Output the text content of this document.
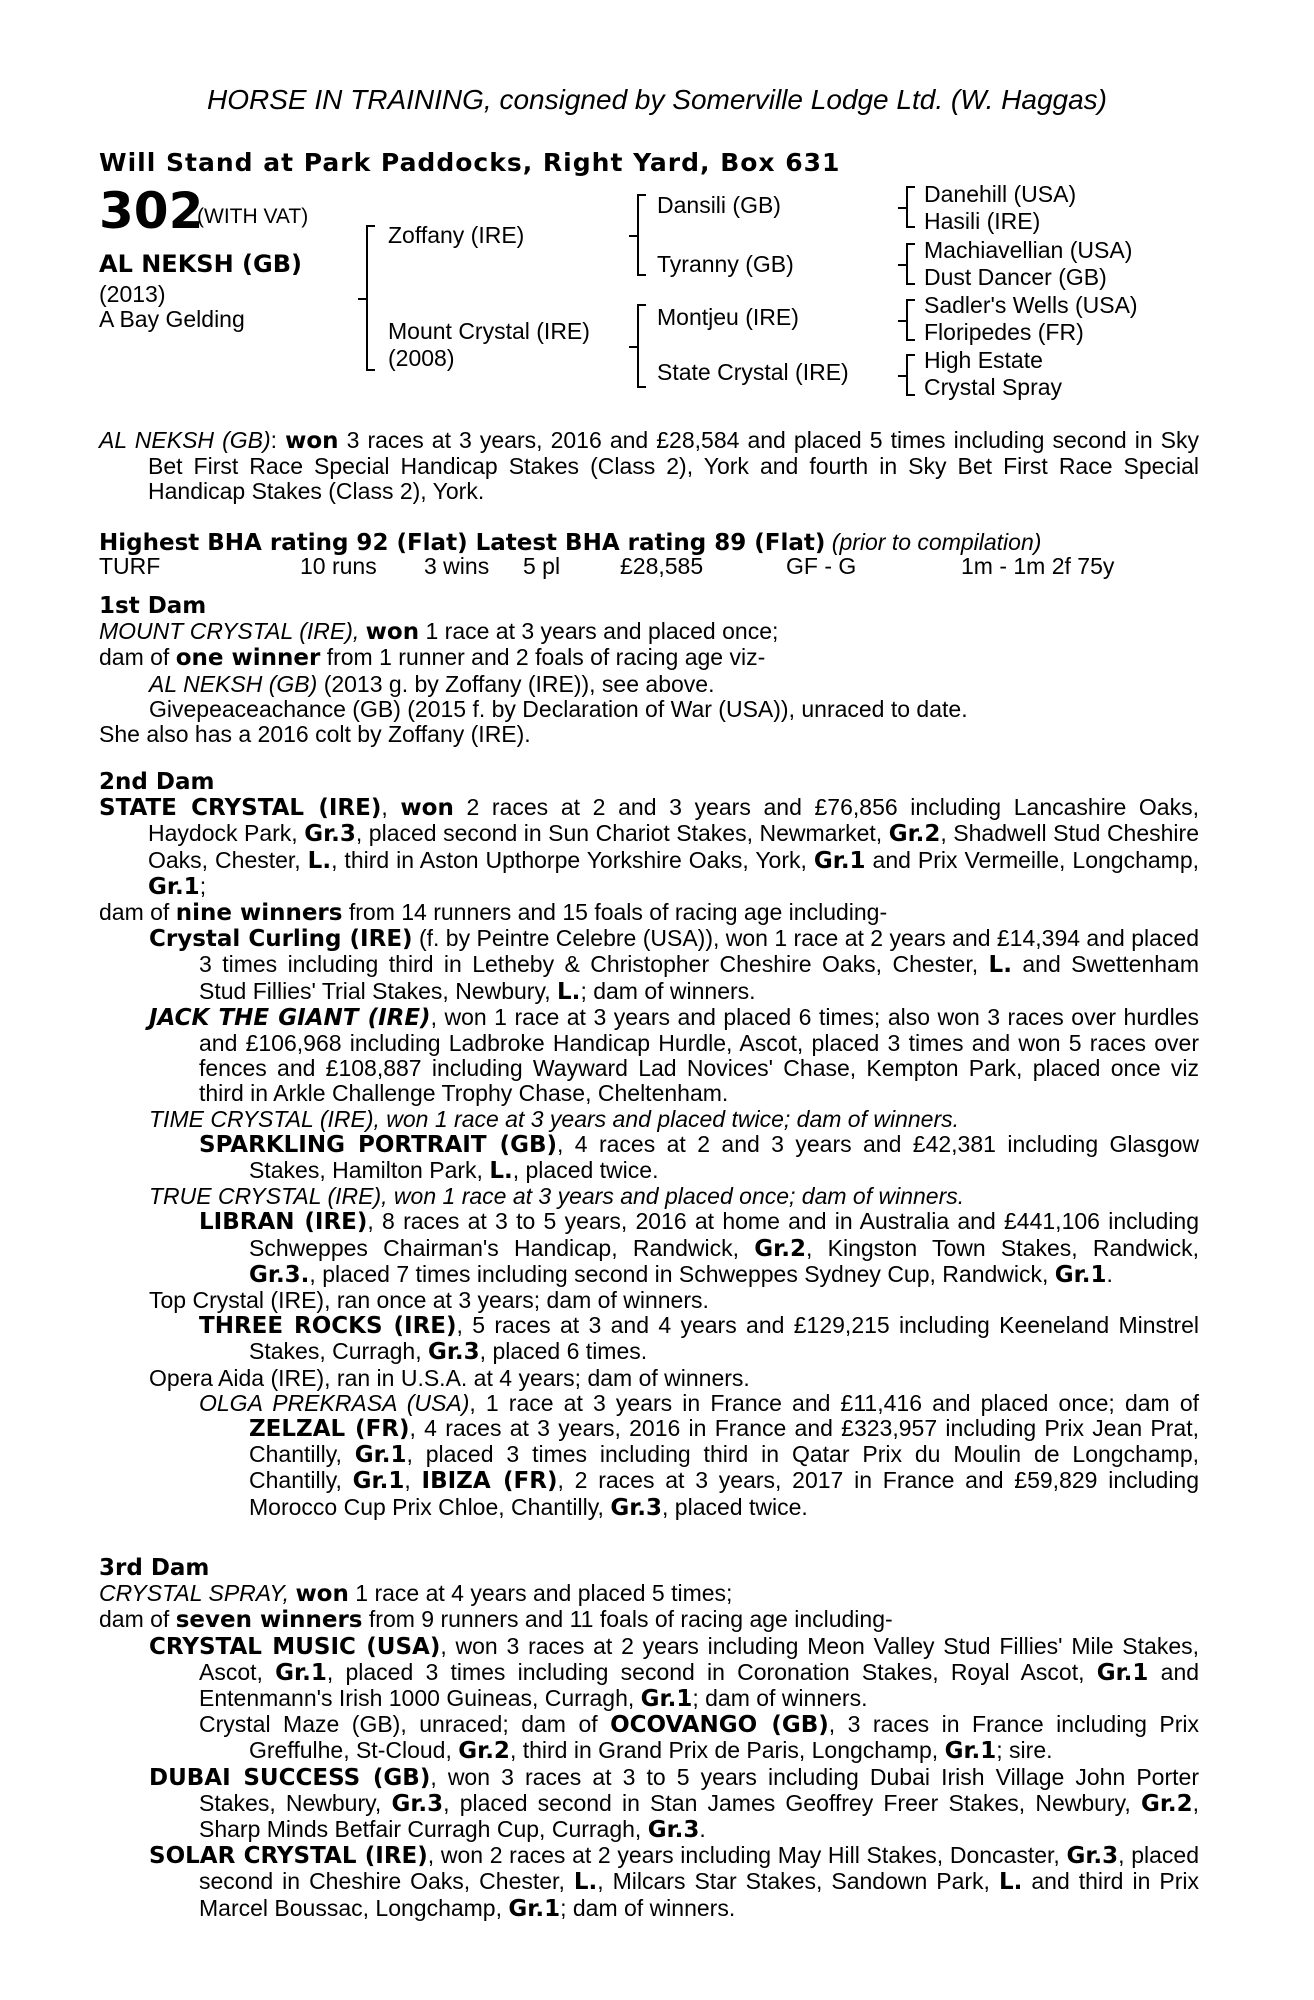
HORSE IN TRAINING, consigned by Somerville Lodge Ltd. (W. Haggas)
Will Stand at Park Paddocks, Right Yard, Box 631
302
(WITH VAT)
AL NEKSH (GB)
(2013)
A Bay Gelding
Zoffany (IRE)
Mount Crystal (IRE)
(2008)
Dansili (GB)
Tyranny (GB)
Montjeu (IRE)
State Crystal (IRE)
Danehill (USA)
Hasili (IRE)
Machiavellian (USA)
Dust Dancer (GB)
Sadler's Wells (USA)
Floripedes (FR)
High Estate
Crystal Spray

AL NEKSH (GB): won 3 races at 3 years, 2016 and £28,584 and placed 5 times including second in Sky Bet First Race Special Handicap Stakes (Class 2), York and fourth in Sky Bet First Race Special Handicap Stakes (Class 2), York.

Highest BHA rating 92 (Flat) Latest BHA rating 89 (Flat) (prior to compilation)

TURF	10 runs 3 wins 5 pl	£28,585	GF - G	1m - 1m 2f 75y

1st Dam

MOUNT CRYSTAL (IRE), won 1 race at 3 years and placed once;

dam of one winner from 1 runner and 2 foals of racing age viz-

AL NEKSH (GB) (2013 g. by Zoffany (IRE)), see above.

Givepeaceachance (GB) (2015 f. by Declaration of War (USA)), unraced to date.

She also has a 2016 colt by Zoffany (IRE).

2nd Dam

STATE CRYSTAL (IRE), won 2 races at 2 and 3 years and £76,856 including Lancashire Oaks, Haydock Park, Gr.3, placed second in Sun Chariot Stakes, Newmarket, Gr.2, Shadwell Stud Cheshire Oaks, Chester, L., third in Aston Upthorpe Yorkshire Oaks, York, Gr.1 and Prix Vermeille, Longchamp, Gr.1;

dam of nine winners from 14 runners and 15 foals of racing age including-

Crystal Curling (IRE) (f. by Peintre Celebre (USA)), won 1 race at 2 years and £14,394 and placed 3 times including third in Letheby & Christopher Cheshire Oaks, Chester, L. and Swettenham Stud Fillies' Trial Stakes, Newbury, L.; dam of winners.

JACK THE GIANT (IRE), won 1 race at 3 years and placed 6 times; also won 3 races over hurdles and £106,968 including Ladbroke Handicap Hurdle, Ascot, placed 3 times and won 5 races over fences and £108,887 including Wayward Lad Novices' Chase, Kempton Park, placed once viz third in Arkle Challenge Trophy Chase, Cheltenham.

TIME CRYSTAL (IRE), won 1 race at 3 years and placed twice; dam of winners.

SPARKLING PORTRAIT (GB), 4 races at 2 and 3 years and £42,381 including Glasgow Stakes, Hamilton Park, L., placed twice.

TRUE CRYSTAL (IRE), won 1 race at 3 years and placed once; dam of winners.

LIBRAN (IRE), 8 races at 3 to 5 years, 2016 at home and in Australia and £441,106 including Schweppes Chairman's Handicap, Randwick, Gr.2, Kingston Town Stakes, Randwick, Gr.3., placed 7 times including second in Schweppes Sydney Cup, Randwick, Gr.1.

Top Crystal (IRE), ran once at 3 years; dam of winners.

THREE ROCKS (IRE), 5 races at 3 and 4 years and £129,215 including Keeneland Minstrel Stakes, Curragh, Gr.3, placed 6 times.

Opera Aida (IRE), ran in U.S.A. at 4 years; dam of winners.

OLGA PREKRASA (USA), 1 race at 3 years in France and £11,416 and placed once; dam of ZELZAL (FR), 4 races at 3 years, 2016 in France and £323,957 including Prix Jean Prat, Chantilly, Gr.1, placed 3 times including third in Qatar Prix du Moulin de Longchamp, Chantilly, Gr.1, IBIZA (FR), 2 races at 3 years, 2017 in France and £59,829 including Morocco Cup Prix Chloe, Chantilly, Gr.3, placed twice.

3rd Dam

CRYSTAL SPRAY, won 1 race at 4 years and placed 5 times;

dam of seven winners from 9 runners and 11 foals of racing age including-

CRYSTAL MUSIC (USA), won 3 races at 2 years including Meon Valley Stud Fillies' Mile Stakes, Ascot, Gr.1, placed 3 times including second in Coronation Stakes, Royal Ascot, Gr.1 and Entenmann's Irish 1000 Guineas, Curragh, Gr.1; dam of winners.

Crystal Maze (GB), unraced; dam of OCOVANGO (GB), 3 races in France including Prix Greffulhe, St-Cloud, Gr.2, third in Grand Prix de Paris, Longchamp, Gr.1; sire.

DUBAI SUCCESS (GB), won 3 races at 3 to 5 years including Dubai Irish Village John Porter Stakes, Newbury, Gr.3, placed second in Stan James Geoffrey Freer Stakes, Newbury, Gr.2, Sharp Minds Betfair Curragh Cup, Curragh, Gr.3.

SOLAR CRYSTAL (IRE), won 2 races at 2 years including May Hill Stakes, Doncaster, Gr.3, placed second in Cheshire Oaks, Chester, L., Milcars Star Stakes, Sandown Park, L. and third in Prix Marcel Boussac, Longchamp, Gr.1; dam of winners.
